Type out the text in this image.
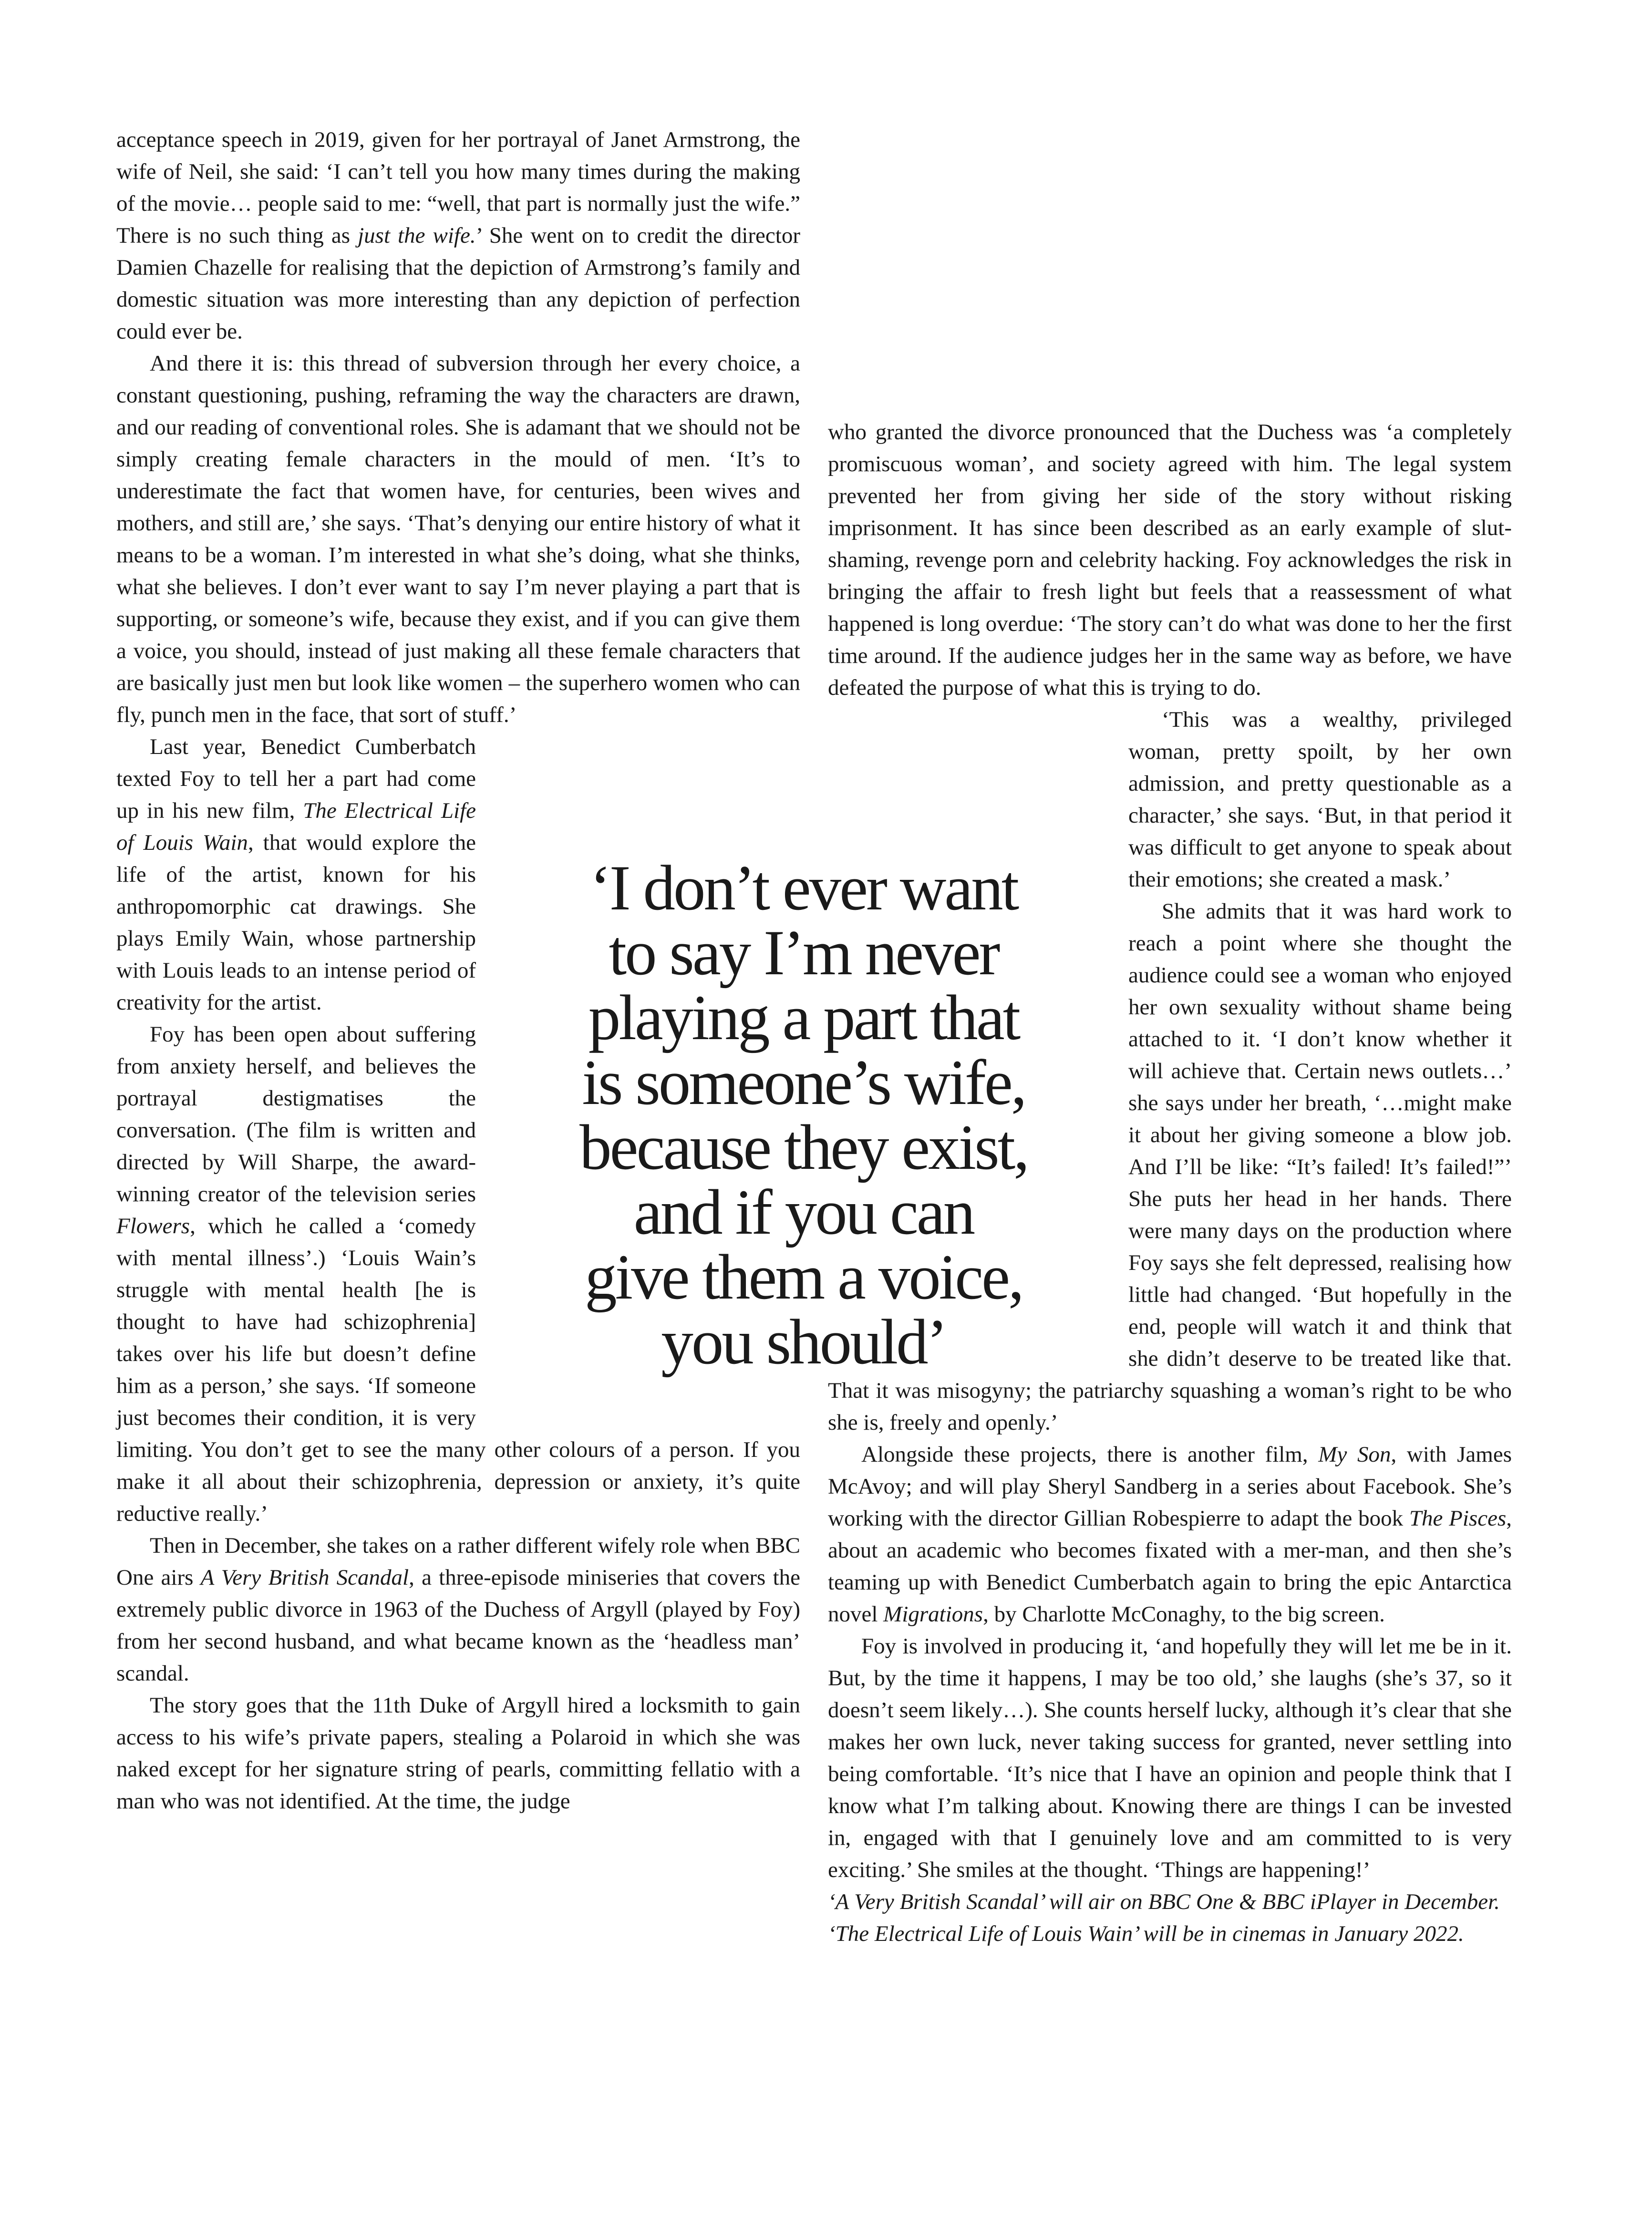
acceptance speech in 2019, given for her portrayal of Janet Armstrong, the wife of Neil, she said: ‘I can’t tell you how many times during the making of the movie… people said to me: “well, that part is normally just the wife.” There is no such thing as just the wife.’ She went on to credit the director Damien Chazelle for realising that the depiction of Armstrong’s family and domestic situation was more interesting than any depiction of perfection could ever be.

And there it is: this thread of subversion through her every choice, a constant questioning, pushing, reframing the way the characters are drawn, and our reading of conventional roles. She is adamant that we should not be simply creating female characters in the mould of men. ‘It’s to underestimate the fact that women have, for centuries, been wives and mothers, and still are,’ she says. ‘That’s denying our entire history of what it means to be a woman. I’m interested in what she’s doing, what she thinks, what she believes. I don’t ever want to say I’m never playing a part that is supporting, or someone’s wife, because they exist, and if you can give them a voice, you should, instead of just making all these female characters that are basically just men but look like women – the superhero women who can fly, punch men in the face, that sort of stuff.’

Last year, Benedict Cumberbatch texted Foy to tell her a part had come up in his new film, The Electrical Life of Louis Wain, that would explore the life of the artist, known for his anthropomorphic cat drawings. She plays Emily Wain, whose partnership with Louis leads to an intense period of creativity for the artist.

Foy has been open about suffering from anxiety herself, and believes the portrayal destigmatises the conversation. (The film is written and directed by Will Sharpe, the award-winning creator of the television series Flowers, which he called a ‘comedy with mental illness’.) ‘Louis Wain’s struggle with mental health [he is thought to have had schizophrenia] takes over his life but doesn’t define him as a person,’ she says. ‘If someone just becomes their condition, it is very limiting. You don’t get to see the many other colours of a person. If you make it all about their schizophrenia, depression or anxiety, it’s quite reductive really.’

Then in December, she takes on a rather different wifely role when BBC One airs A Very British Scandal, a three-episode miniseries that covers the extremely public divorce in 1963 of the Duchess of Argyll (played by Foy) from her second husband, and what became known as the ‘headless man’ scandal.

The story goes that the 11th Duke of Argyll hired a locksmith to gain access to his wife’s private papers, stealing a Polaroid in which she was naked except for her signature string of pearls, committing fellatio with a man who was not identified. At the time, the judge

‘I don’t ever want
to say I’m never
playing a part that
is someone’s wife,
because they exist,
and if you can
give them a voice,
you should’

who granted the divorce pronounced that the Duchess was ‘a completely promiscuous woman’, and society agreed with him. The legal system prevented her from giving her side of the story without risking imprisonment. It has since been described as an early example of slut-shaming, revenge porn and celebrity hacking. Foy acknowledges the risk in bringing the affair to fresh light but feels that a reassessment of what happened is long overdue: ‘The story can’t do what was done to her the first time around. If the audience judges her in the same way as before, we have defeated the purpose of what this is trying to do.

‘This was a wealthy, privileged woman, pretty spoilt, by her own admission, and pretty questionable as a character,’ she says. ‘But, in that period it was difficult to get anyone to speak about their emotions; she created a mask.’

She admits that it was hard work to reach a point where she thought the audience could see a woman who enjoyed her own sexuality without shame being attached to it. ‘I don’t know whether it will achieve that. Certain news outlets…’ she says under her breath, ‘…might make it about her giving someone a blow job. And I’ll be like: “It’s failed! It’s failed!”’ She puts her head in her hands. There were many days on the production where Foy says she felt depressed, realising how little had changed. ‘But hopefully in the end, people will watch it and think that she didn’t deserve to be treated like that. That it was misogyny; the patriarchy squashing a woman’s right to be who she is, freely and openly.’

Alongside these projects, there is another film, My Son, with James McAvoy; and will play Sheryl Sandberg in a series about Facebook. She’s working with the director Gillian Robespierre to adapt the book The Pisces, about an academic who becomes fixated with a mer-man, and then she’s teaming up with Benedict Cumberbatch again to bring the epic Antarctica novel Migrations, by Charlotte McConaghy, to the big screen.

Foy is involved in producing it, ‘and hopefully they will let me be in it. But, by the time it happens, I may be too old,’ she laughs (she’s 37, so it doesn’t seem likely…). She counts herself lucky, although it’s clear that she makes her own luck, never taking success for granted, never settling into being comfortable. ‘It’s nice that I have an opinion and people think that I know what I’m talking about. Knowing there are things I can be invested in, engaged with that I genuinely love and am committed to is very exciting.’ She smiles at the thought. ‘Things are happening!’

‘A Very British Scandal’ will air on BBC One & BBC iPlayer in December.

‘The Electrical Life of Louis Wain’ will be in cinemas in January 2022.
